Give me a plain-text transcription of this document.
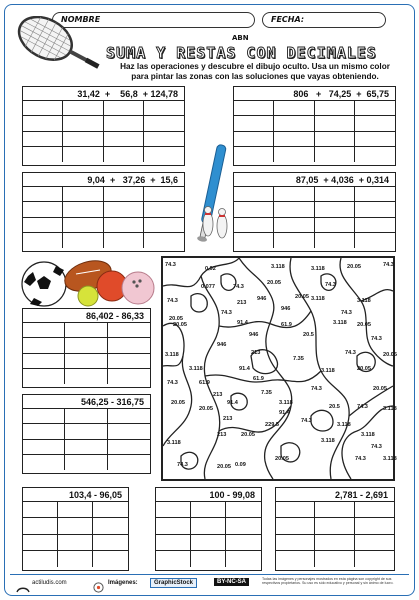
NOMBRE	FECHA:
SUMA Y RESTAS CON DECIMALES
ABN
Haz las operaciones y descubre el dibujo oculto. Usa un mismo color
para pintar las zonas con las soluciones que vayas obteniendo.
31,42  +    56,8  + 124,78	806   +   74,25  +  65,75
9,04  +   37,26  +  15,6	87,05  + 4,036  + 0,314
86,402 - 86,33
546,25 - 316,75
103,4 - 96,05	100 - 99,08	2,781 - 2,691
74.3
0,92	3.118	3.118	20.05	74.3
0.077	74.3
20.05	74.3
946	3.118	3.118
74.3	213
946
20.05
74.3
20.05
74.3
20.05	91.4
20.5
3.118
61.9
946
20.05
74.3
3.118
946
213	74.3	20.05
3.118	91.4
7.35
61.9
3.118	20.05
74.3	61.9
7.35
91.4
74.3	20.05
20.05
213
3.118
91.4
74.3	3.118
20.05
213
229.5
20.5
74.3
3.118
213	20.05	3.118
3.118
74.3
3.118
74.3	20.05 0.09
20.05	74.3	3.118
actiludis.com	Imágenes:	GraphicStock	BY-NC-SA	Todas las imágenes y personajes mostrados en esta página son copyright de sus respectivos propietarios. Su uso es sólo educativo y personal y sin ánimo de lucro.
